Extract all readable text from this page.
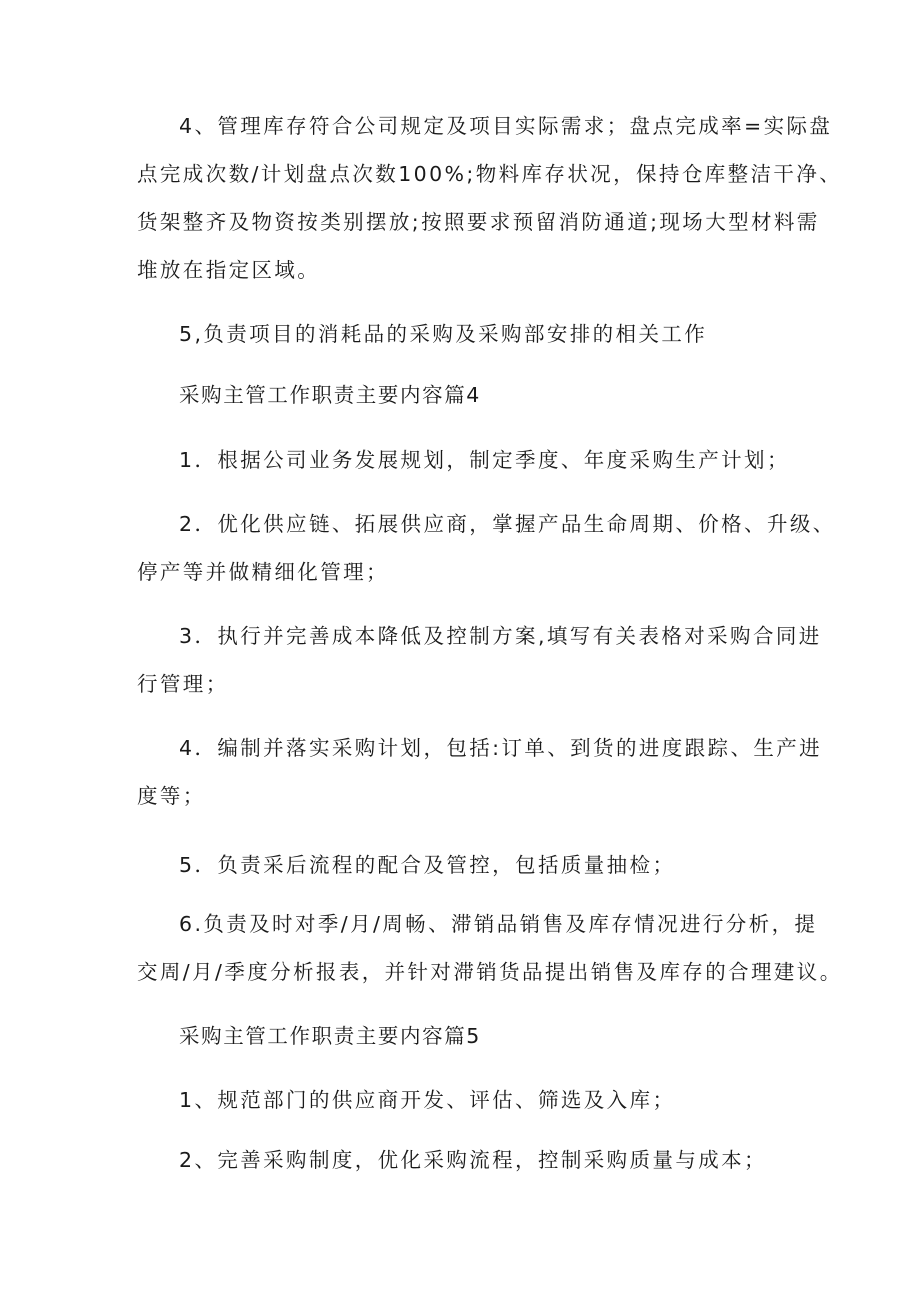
4、管理库存符合公司规定及项目实际需求；盘点完成率=实际盘
点完成次数/计划盘点次数100%;物料库存状况，保持仓库整洁干净、
货架整齐及物资按类别摆放;按照要求预留消防通道;现场大型材料需
堆放在指定区域。
5,负责项目的消耗品的采购及采购部安排的相关工作
采购主管工作职责主要内容篇4
1．根据公司业务发展规划，制定季度、年度采购生产计划；
2．优化供应链、拓展供应商，掌握产品生命周期、价格、升级、
停产等并做精细化管理；
3．执行并完善成本降低及控制方案,填写有关表格对采购合同进
行管理；
4．编制并落实采购计划，包括:订单、到货的进度跟踪、生产进
度等；
5．负责采后流程的配合及管控，包括质量抽检；
6.负责及时对季/月/周畅、滞销品销售及库存情况进行分析，提
交周/月/季度分析报表，并针对滞销货品提出销售及库存的合理建议。
采购主管工作职责主要内容篇5
1、规范部门的供应商开发、评估、筛选及入库；
2、完善采购制度，优化采购流程，控制采购质量与成本；
